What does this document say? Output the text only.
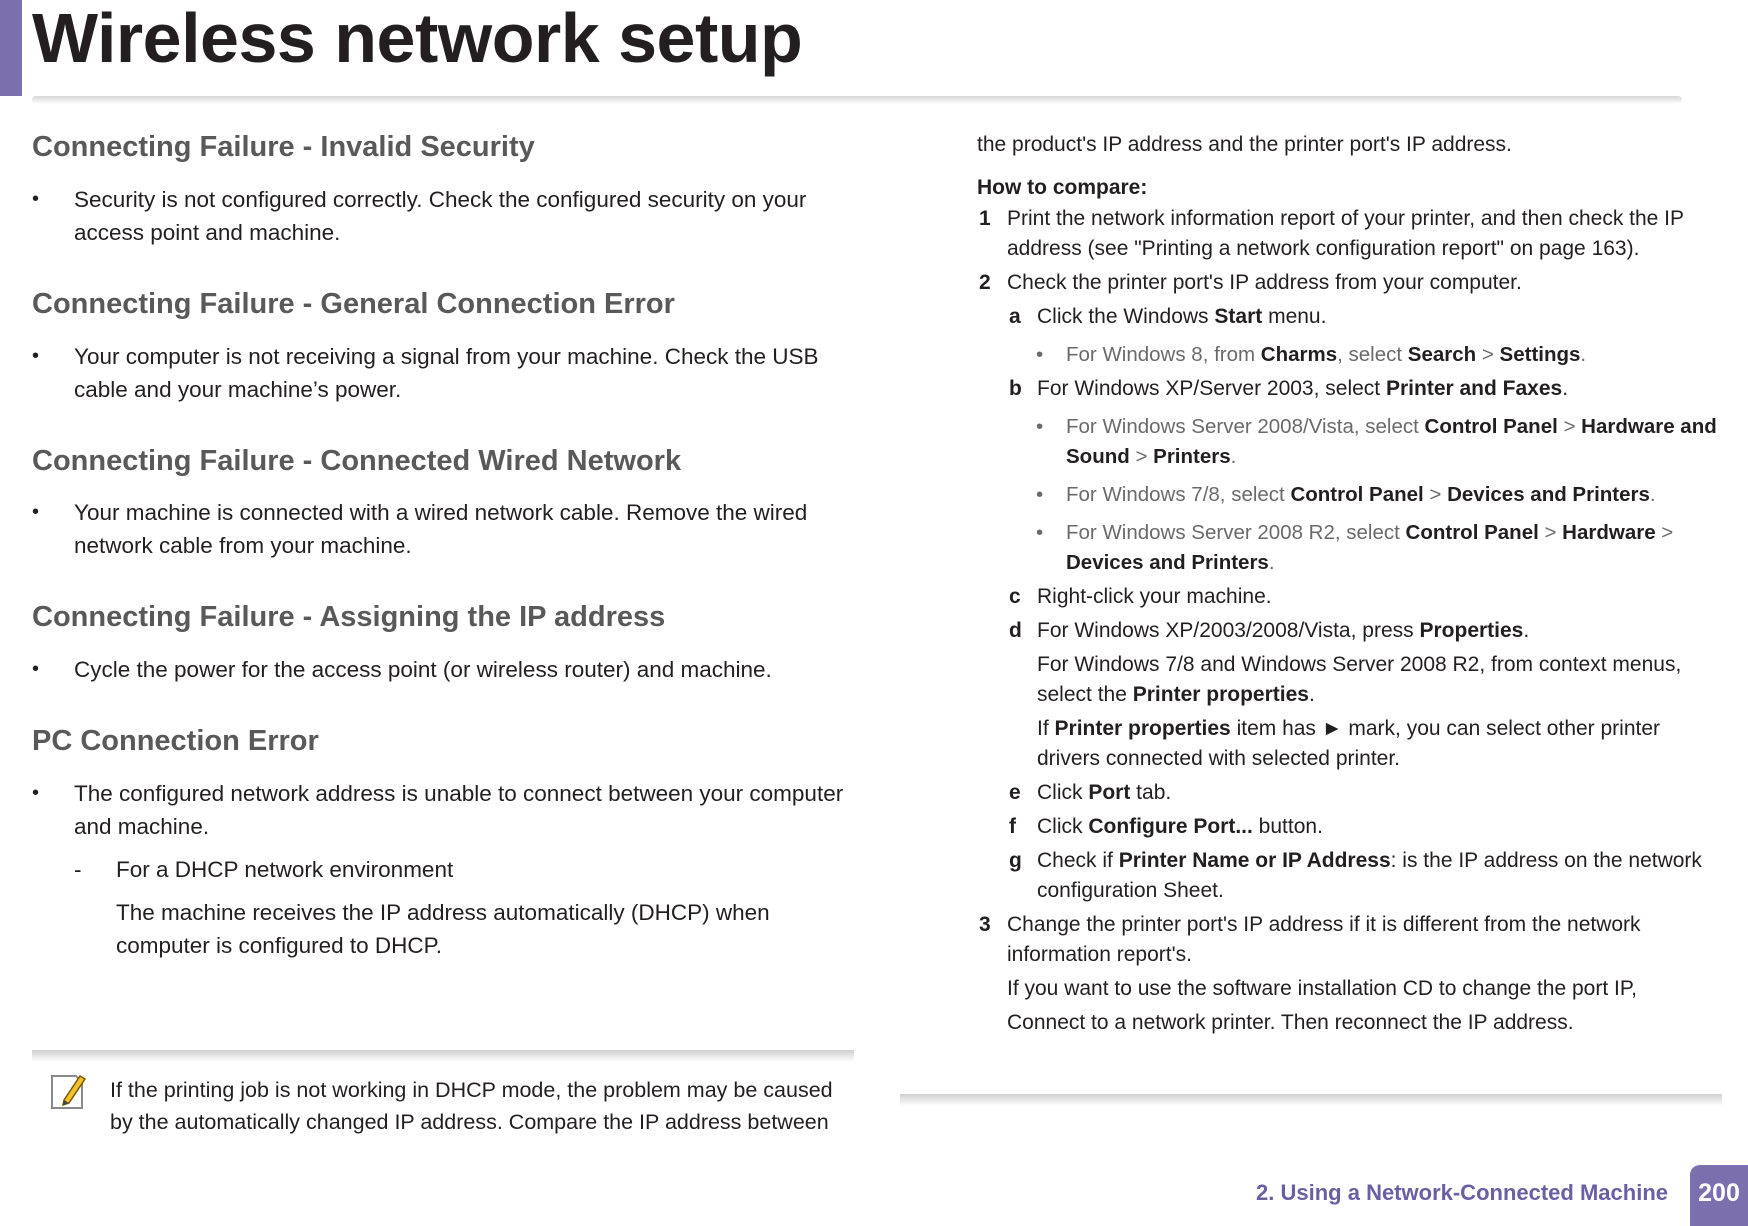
Wireless network setup
Connecting Failure - Invalid Security
• Security is not configured correctly. Check the configured security on your access point and machine.
Connecting Failure - General Connection Error
• Your computer is not receiving a signal from your machine. Check the USB cable and your machine’s power.
Connecting Failure - Connected Wired Network
• Your machine is connected with a wired network cable. Remove the wired network cable from your machine.
Connecting Failure - Assigning the IP address
• Cycle the power for the access point (or wireless router) and machine.
PC Connection Error
• The configured network address is unable to connect between your computer and machine.
- For a DHCP network environment
The machine receives the IP address automatically (DHCP) when computer is configured to DHCP.
If the printing job is not working in DHCP mode, the problem may be caused by the automatically changed IP address. Compare the IP address between

the product's IP address and the printer port's IP address.

How to compare:

1 Print the network information report of your printer, and then check the IP address (see "Printing a network configuration report" on page 163).
2 Check the printer port's IP address from your computer.
a Click the Windows Start menu.
• For Windows 8, from Charms, select Search > Settings.
b For Windows XP/Server 2003, select Printer and Faxes.
• For Windows Server 2008/Vista, select Control Panel > Hardware and Sound > Printers.
• For Windows 7/8, select Control Panel > Devices and Printers.
• For Windows Server 2008 R2, select Control Panel > Hardware > Devices and Printers.
c Right-click your machine.
d For Windows XP/2003/2008/Vista, press Properties.
For Windows 7/8 and Windows Server 2008 R2, from context menus, select the Printer properties.
If Printer properties item has ► mark, you can select other printer drivers connected with selected printer.
e Click Port tab.
f Click Configure Port... button.
g Check if Printer Name or IP Address: is the IP address on the network configuration Sheet.
3 Change the printer port's IP address if it is different from the network information report's.
If you want to use the software installation CD to change the port IP,
Connect to a network printer. Then reconnect the IP address.
2. Using a Network-Connected Machine	200
